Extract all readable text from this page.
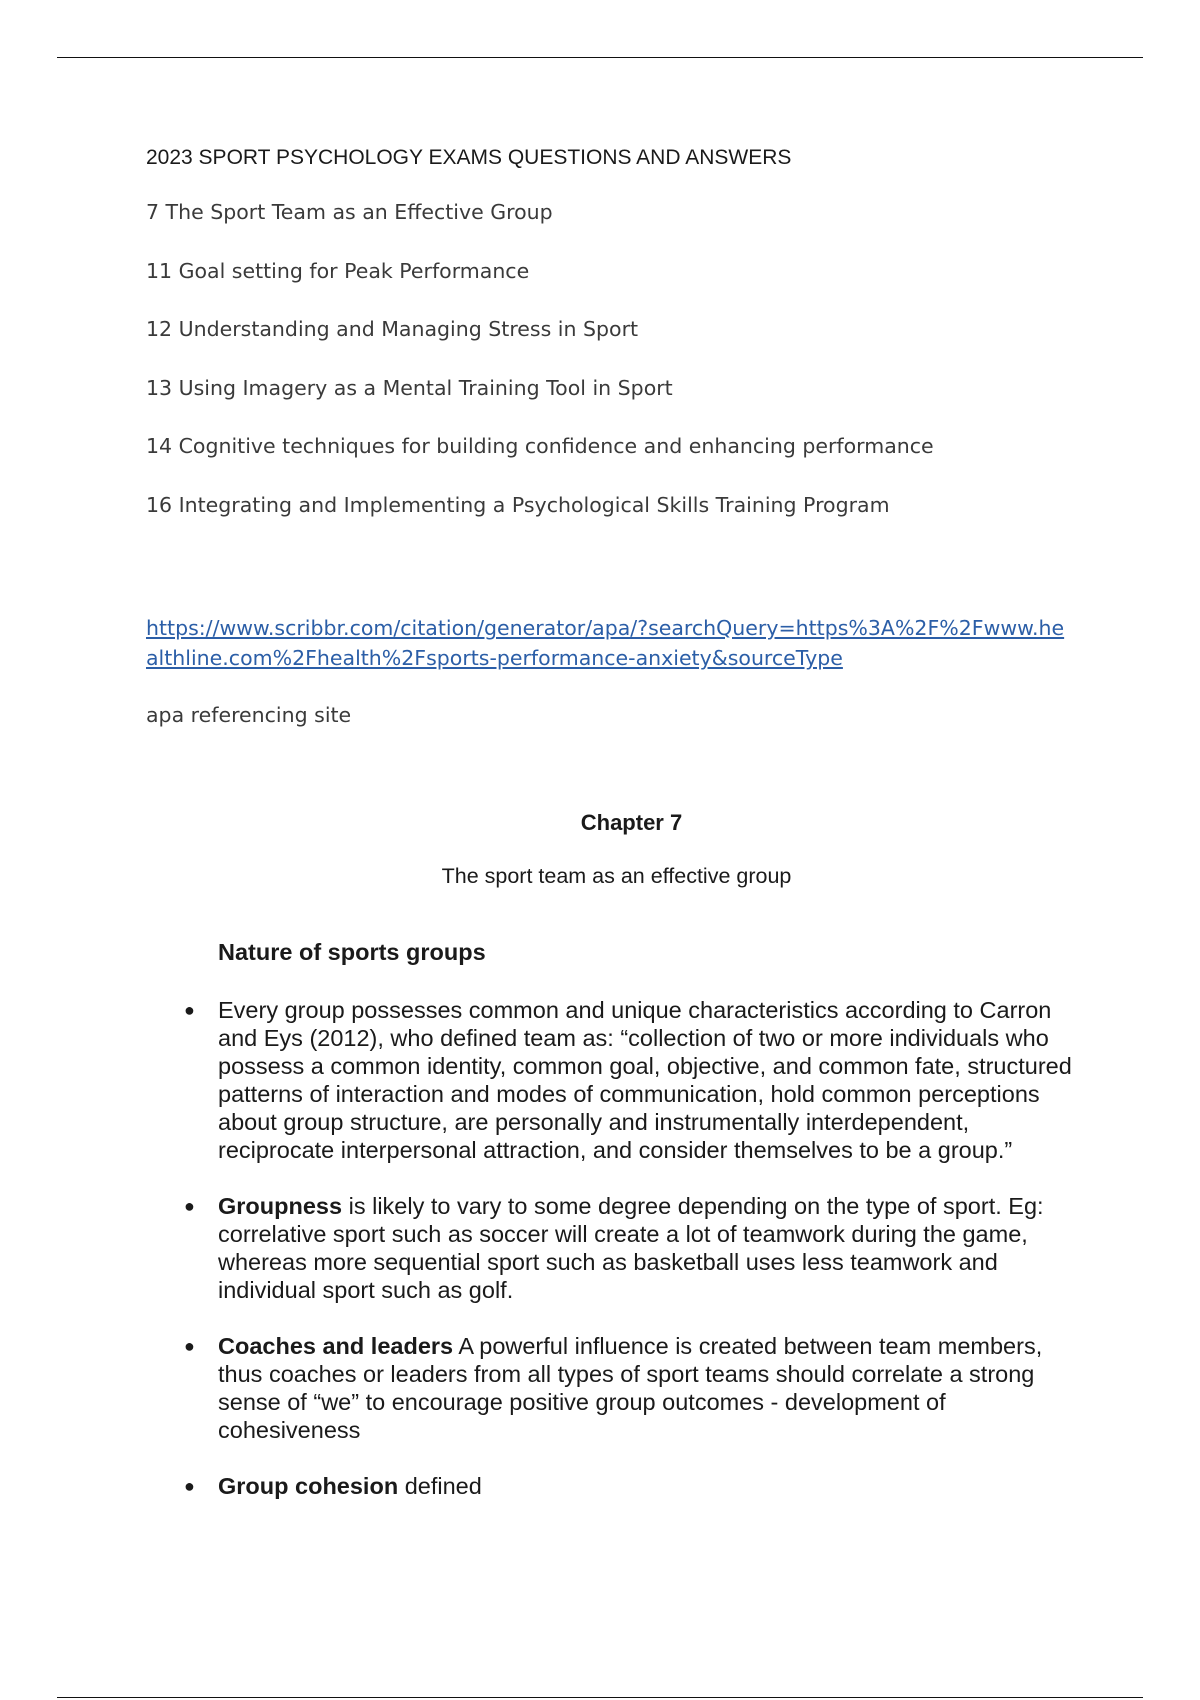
2023 SPORT PSYCHOLOGY EXAMS QUESTIONS AND ANSWERS
7 The Sport Team as an Effective Group
11 Goal setting for Peak Performance
12 Understanding and Managing Stress in Sport
13 Using Imagery as a Mental Training Tool in Sport
14 Cognitive techniques for building confidence and enhancing performance
16 Integrating and Implementing a Psychological Skills Training Program
https://www.scribbr.com/citation/generator/apa/?searchQuery=https%3A%2F%2Fwww.healthline.com%2Fhealth%2Fsports-performance-anxiety&sourceType
apa referencing site
Chapter 7
The sport team as an effective group
Nature of sports groups
● Every group possesses common and unique characteristics according to Carron and Eys (2012), who defined team as: “collection of two or more individuals who possess a common identity, common goal, objective, and common fate, structured patterns of interaction and modes of communication, hold common perceptions about group structure, are personally and instrumentally interdependent, reciprocate interpersonal attraction, and consider themselves to be a group.”
● Groupness is likely to vary to some degree depending on the type of sport. Eg: correlative sport such as soccer will create a lot of teamwork during the game, whereas more sequential sport such as basketball uses less teamwork and individual sport such as golf.
● Coaches and leaders A powerful influence is created between team members, thus coaches or leaders from all types of sport teams should correlate a strong sense of “we” to encourage positive group outcomes - development of cohesiveness
● Group cohesion defined
